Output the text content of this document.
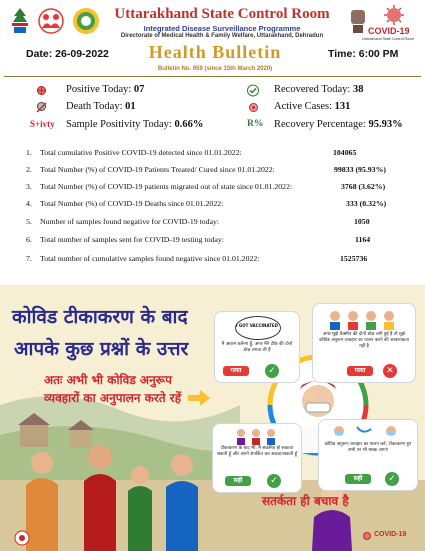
Uttarakhand State Control Room
Integrated Disease Surveillance Programme
Directorate of Medical Health & Family Welfare, Uttarakhand, Dehradun	COVID-19
Uttarakhand State Control Room
Date: 26-09-2022	Health Bulletin	Time: 6:00 PM
Bulletin No. 959 (since 15th March 2020)
Positive Today: 07
Death Today: 01
S+ivty Sample Positivity Today: 0.66%
Recovered Today: 38
Active Cases: 131
R% Recovery Percentage: 95.93%
1. Total cumulative Positive COVID-19 detected since 01.01.2022:	104065
2. Total Number (%) of COVID-19 Patients Treated/ Cured since 01.01.2022:	99833 (95.93%)
3. Total Number (%) of COVID-19 patients migrated out of state since 01.01.2022:	3768 (3.62%)
4. Total Number (%) of COVID-19 Deaths since 01.01.2022:	333 (0.32%)
5. Number of samples found negative for COVID-19 today:	1050
6. Total number of samples sent for COVID-19 testing today:	1164
7. Total number of cumulative samples found negative since 01.01.2022:	1525736
कोविड टीकाकरण के बाद
आपके कुछ प्रश्नों के उत्तर
अतः अभी भी कोविड अनुरूप
व्यवहारों का अनुपालन करते रहें
I GOT VACCINATED
मैं आराम करूँगा हूँ, अगर मैंने टीके की दोनों डोज़ लगवा लीं हैं
गलत	✓
अगर मुझे वैक्सीन की दोनों डोज़ लगी हुई हैं तो मुझे कोविड अनुरूप व्यवहार का पालन करने की आवश्यकता नहीं है
गलत	✕
टीकाकरण के बाद भी, मैं संक्रमित हो सकता/सकती हूँ और अपने संपर्कित कर सकता/सकती हूँ
सही	✓
कोविड अनुरूप व्यवहार का पालन करें, टीकाकरण हुए सभी पर भी मास्क लगाएं
सही	✓
सतर्कता ही बचाव है
COVID-19
